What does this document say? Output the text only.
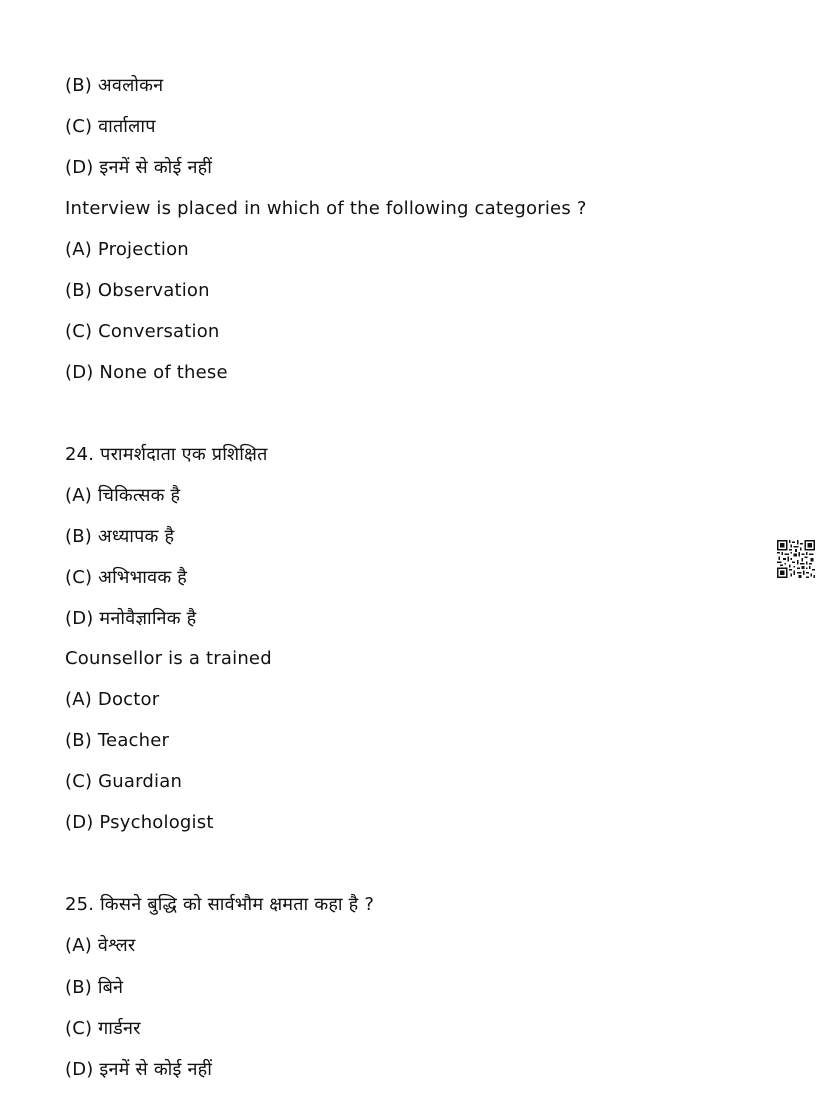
(B) अवलोकन
(C) वार्तालाप
(D) इनमें से कोई नहीं
Interview is placed in which of the following categories ?
(A) Projection
(B) Observation
(C) Conversation
(D) None of these
24. परामर्शदाता एक प्रशिक्षित
(A) चिकित्सक है
(B) अध्यापक है
(C) अभिभावक है
(D) मनोवैज्ञानिक है
Counsellor is a trained
(A) Doctor
(B) Teacher
(C) Guardian
(D) Psychologist
25. किसने बुद्धि को सार्वभौम क्षमता कहा है ?
(A) वेश्लर
(B) बिने
(C) गार्डनर
(D) इनमें से कोई नहीं
